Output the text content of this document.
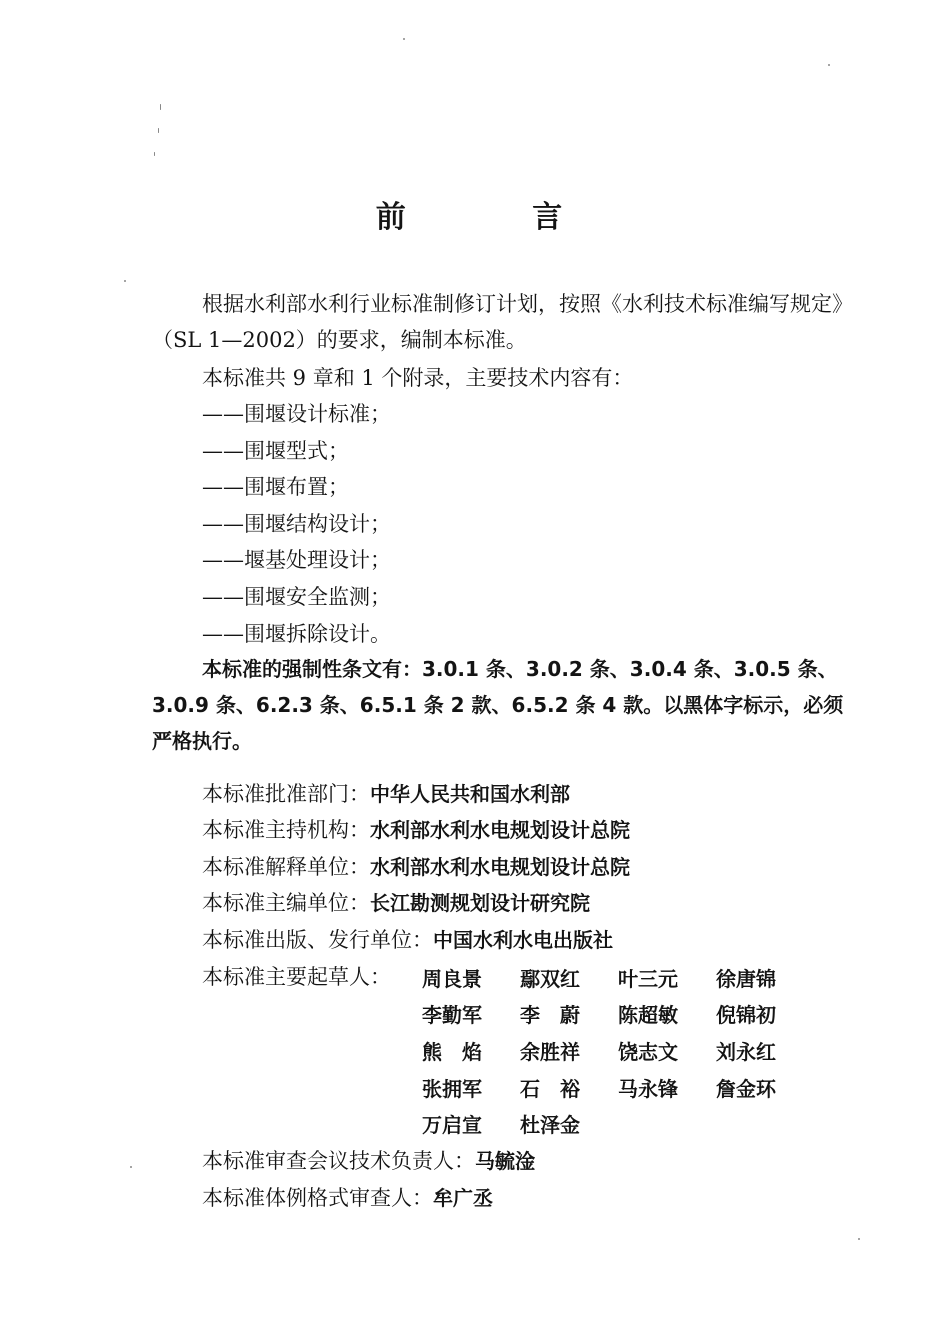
前 言

根据水利部水利行业标准制修订计划，按照《水利技术标准编写规定》（SL 1—2002）的要求，编制本标准。

本标准共 9 章和 1 个附录，主要技术内容有：
——围堰设计标准；
——围堰型式；
——围堰布置；
——围堰结构设计；
——堰基处理设计；
——围堰安全监测；
——围堰拆除设计。

本标准的强制性条文有：3.0.1 条、3.0.2 条、3.0.4 条、3.0.5 条、3.0.9 条、6.2.3 条、6.5.1 条 2 款、6.5.2 条 4 款。以黑体字标示，必须严格执行。

本标准批准部门：中华人民共和国水利部
本标准主持机构：水利部水利水电规划设计总院
本标准解释单位：水利部水利水电规划设计总院
本标准主编单位：长江勘测规划设计研究院
本标准出版、发行单位：中国水利水电出版社
本标准主要起草人： 周良景	鄢双红	叶三元	徐唐锦
李勤军	李　蔚	陈超敏	倪锦初
熊　焰	余胜祥	饶志文	刘永红
张拥军	石　裕	马永锋	詹金环
万启宣	杜泽金
本标准审查会议技术负责人：马毓淦
本标准体例格式审查人：牟广丞
